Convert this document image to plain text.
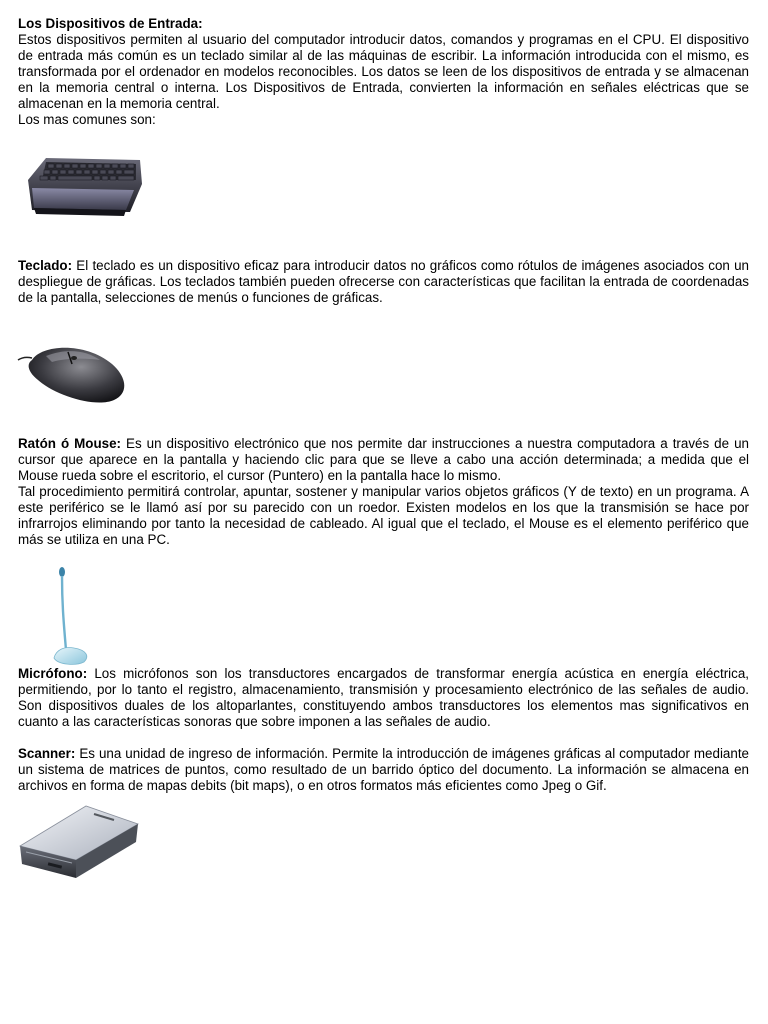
Los Dispositivos de Entrada:

Estos dispositivos permiten al usuario del computador introducir datos, comandos y programas en el CPU. El dispositivo de entrada más común es un teclado similar al de las máquinas de escribir. La información introducida con el mismo, es transformada por el ordenador en modelos reconocibles. Los datos se leen de los dispositivos de entrada y se almacenan en la memoria central o interna. Los Dispositivos de Entrada, convierten la información en señales eléctricas que se almacenan en la memoria central.

Los mas comunes son:

Teclado: El teclado es un dispositivo eficaz para introducir datos no gráficos como rótulos de imágenes asociados con un despliegue de gráficas. Los teclados también pueden ofrecerse con características que facilitan la entrada de coordenadas de la pantalla, selecciones de menús o funciones de gráficas.

Ratón ó Mouse: Es un dispositivo electrónico que nos permite dar instrucciones a nuestra computadora a través de un cursor que aparece en la pantalla y haciendo clic para que se lleve a cabo una acción determinada; a medida que el Mouse rueda sobre el escritorio, el cursor (Puntero) en la pantalla hace lo mismo.

Tal procedimiento permitirá controlar, apuntar, sostener y manipular varios objetos gráficos (Y de texto) en un programa. A este periférico se le llamó así por su parecido con un roedor. Existen modelos en los que la transmisión se hace por infrarrojos eliminando por tanto la necesidad de cableado. Al igual que el teclado, el Mouse es el elemento periférico que más se utiliza en una PC.

Micrófono: Los micrófonos son los transductores encargados de transformar energía acústica en energía eléctrica, permitiendo, por lo tanto el registro, almacenamiento, transmisión y procesamiento electrónico de las señales de audio. Son dispositivos duales de los altoparlantes, constituyendo ambos transductores los elementos mas significativos en cuanto a las características sonoras que sobre imponen a las señales de audio.

Scanner: Es una unidad de ingreso de información. Permite la introducción de imágenes gráficas al computador mediante un sistema de matrices de puntos, como resultado de un barrido óptico del documento. La información se almacena en archivos en forma de mapas debits (bit maps), o en otros formatos más eficientes como Jpeg o Gif.
